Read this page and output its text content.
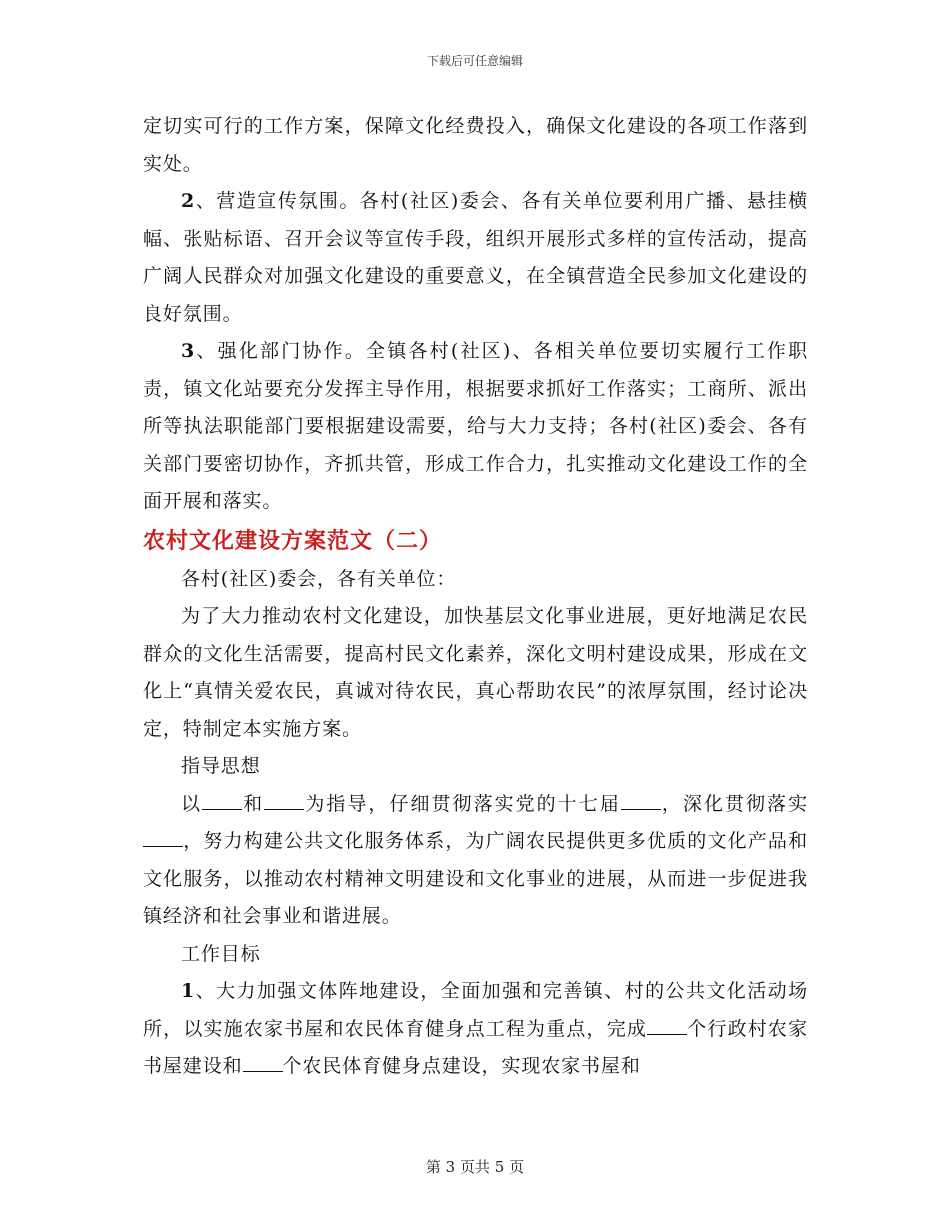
下载后可任意编辑

定切实可行的工作方案，保障文化经费投入，确保文化建设的各项工作落到实处。

2、营造宣传氛围。各村(社区)委会、各有关单位要利用广播、悬挂横幅、张贴标语、召开会议等宣传手段，组织开展形式多样的宣传活动，提高广阔人民群众对加强文化建设的重要意义，在全镇营造全民参加文化建设的良好氛围。

3、强化部门协作。全镇各村(社区)、各相关单位要切实履行工作职责，镇文化站要充分发挥主导作用，根据要求抓好工作落实；工商所、派出所等执法职能部门要根据建设需要，给与大力支持；各村(社区)委会、各有关部门要密切协作，齐抓共管，形成工作合力，扎实推动文化建设工作的全面开展和落实。

农村文化建设方案范文（二）

各村(社区)委会，各有关单位：

为了大力推动农村文化建设，加快基层文化事业进展，更好地满足农民群众的文化生活需要，提高村民文化素养，深化文明村建设成果，形成在文化上“真情关爱农民，真诚对待农民，真心帮助农民”的浓厚氛围，经讨论决定，特制定本实施方案。

指导思想

以 和 为指导，仔细贯彻落实党的十七届 ，深化贯彻落实，努力构建公共文化服务体系，为广阔农民提供更多优质的文化产品和文化服务，以推动农村精神文明建设和文化事业的进展，从而进一步促进我镇经济和社会事业和谐进展。

工作目标

1、大力加强文体阵地建设，全面加强和完善镇、村的公共文化活动场所，以实施农家书屋和农民体育健身点工程为重点，完成 个行政村农家书屋建设和 个农民体育健身点建设，实现农家书屋和

第 3 页共 5 页
